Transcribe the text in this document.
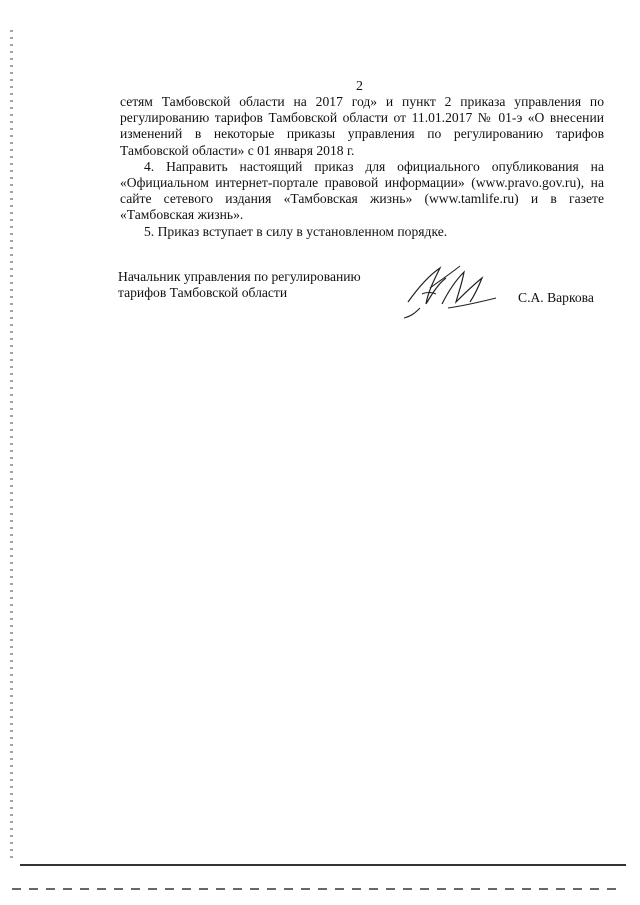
2

сетям Тамбовской области на 2017 год» и пункт 2 приказа управления по регулированию тарифов Тамбовской области от 11.01.2017 № 01-э «О внесении изменений в некоторые приказы управления по регулированию тарифов Тамбовской области» с 01 января 2018 г.

4. Направить настоящий приказ для официального опубликования на «Официальном интернет-портале правовой информации» (www.pravo.gov.ru), на сайте сетевого издания «Тамбовская жизнь» (www.tamlife.ru) и в газете «Тамбовская жизнь».

5. Приказ вступает в силу в установленном порядке.

Начальник управления по регулированию
тарифов Тамбовской области	С.А. Варкова
